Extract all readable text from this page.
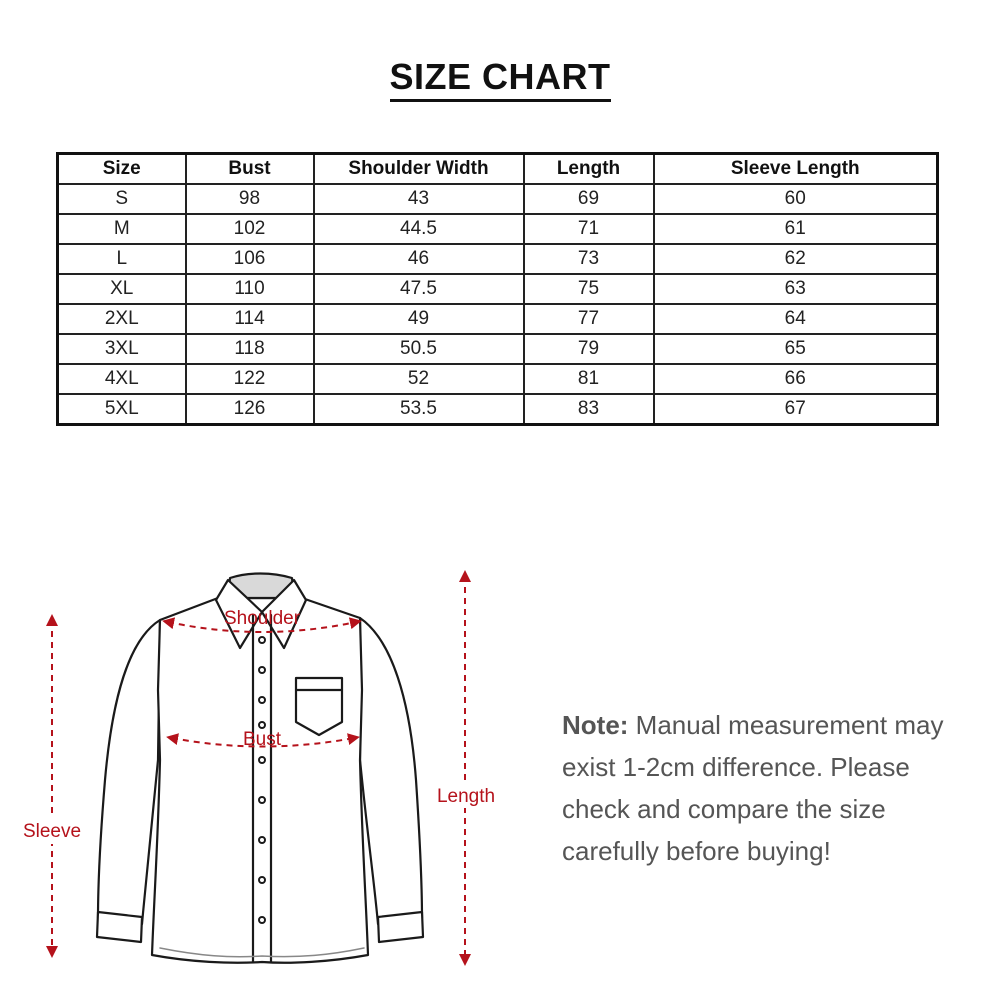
SIZE CHART
Size	Bust	Shoulder Width	Length	Sleeve Length
S	98	43	69	60
M	102	44.5	71	61
L	106	46	73	62
XL	110	47.5	75	63
2XL	114	49	77	64
3XL	118	50.5	79	65
4XL	122	52	81	66
5XL	126	53.5	83	67
Shoulder
Bust
Sleeve
Length
Note: Manual measurement may exist 1-2cm difference. Please check and compare the size carefully before buying!
